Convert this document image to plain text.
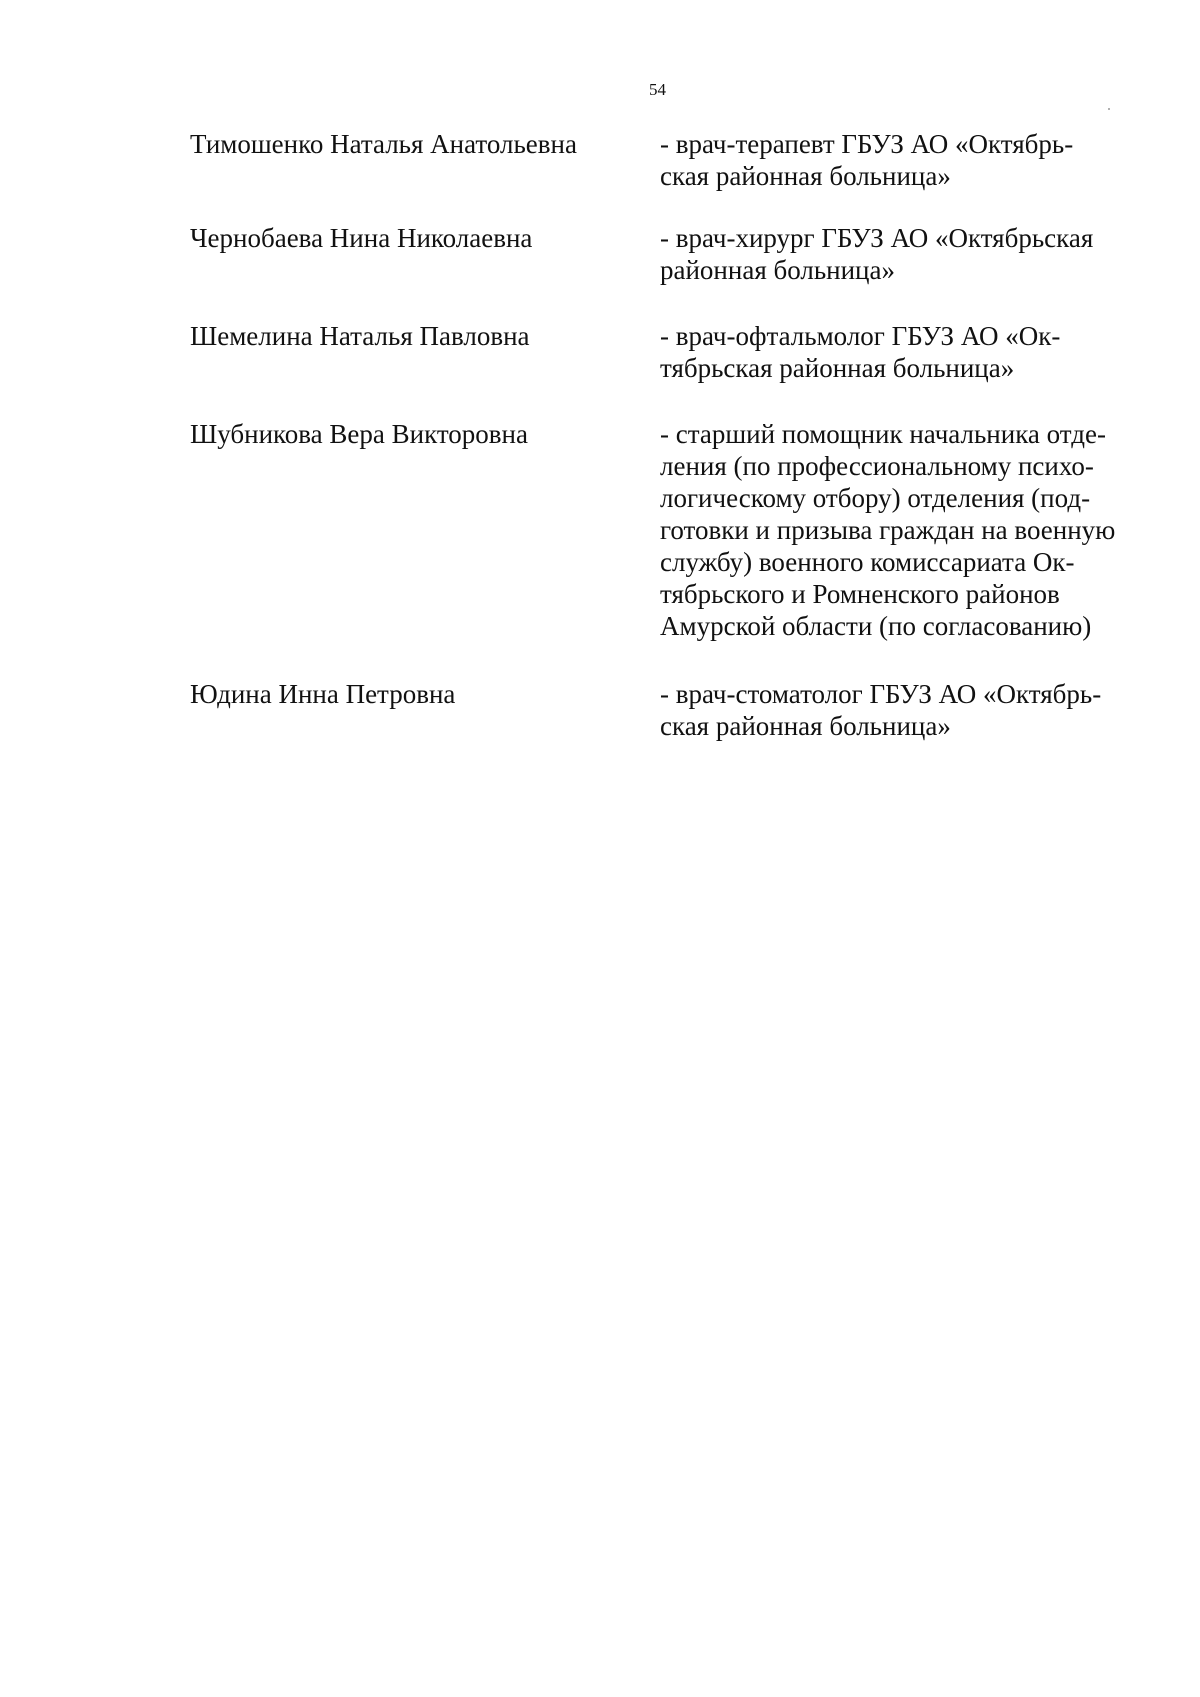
54
Тимошенко Наталья Анатольевна	- врач-терапевт ГБУЗ АО «Октябрь-
ская районная больница»
Чернобаева Нина Николаевна	- врач-хирург ГБУЗ АО «Октябрьская
районная больница»
Шемелина Наталья Павловна	- врач-офтальмолог ГБУЗ АО «Ок-
тябрьская районная больница»
Шубникова Вера Викторовна	- старший помощник начальника отде-
ления (по профессиональному психо-
логическому отбору) отделения (под-
готовки и призыва граждан на военную
службу) военного комиссариата Ок-
тябрьского и Ромненского районов
Амурской области (по согласованию)
Юдина Инна Петровна	- врач-стоматолог ГБУЗ АО «Октябрь-
ская районная больница»
